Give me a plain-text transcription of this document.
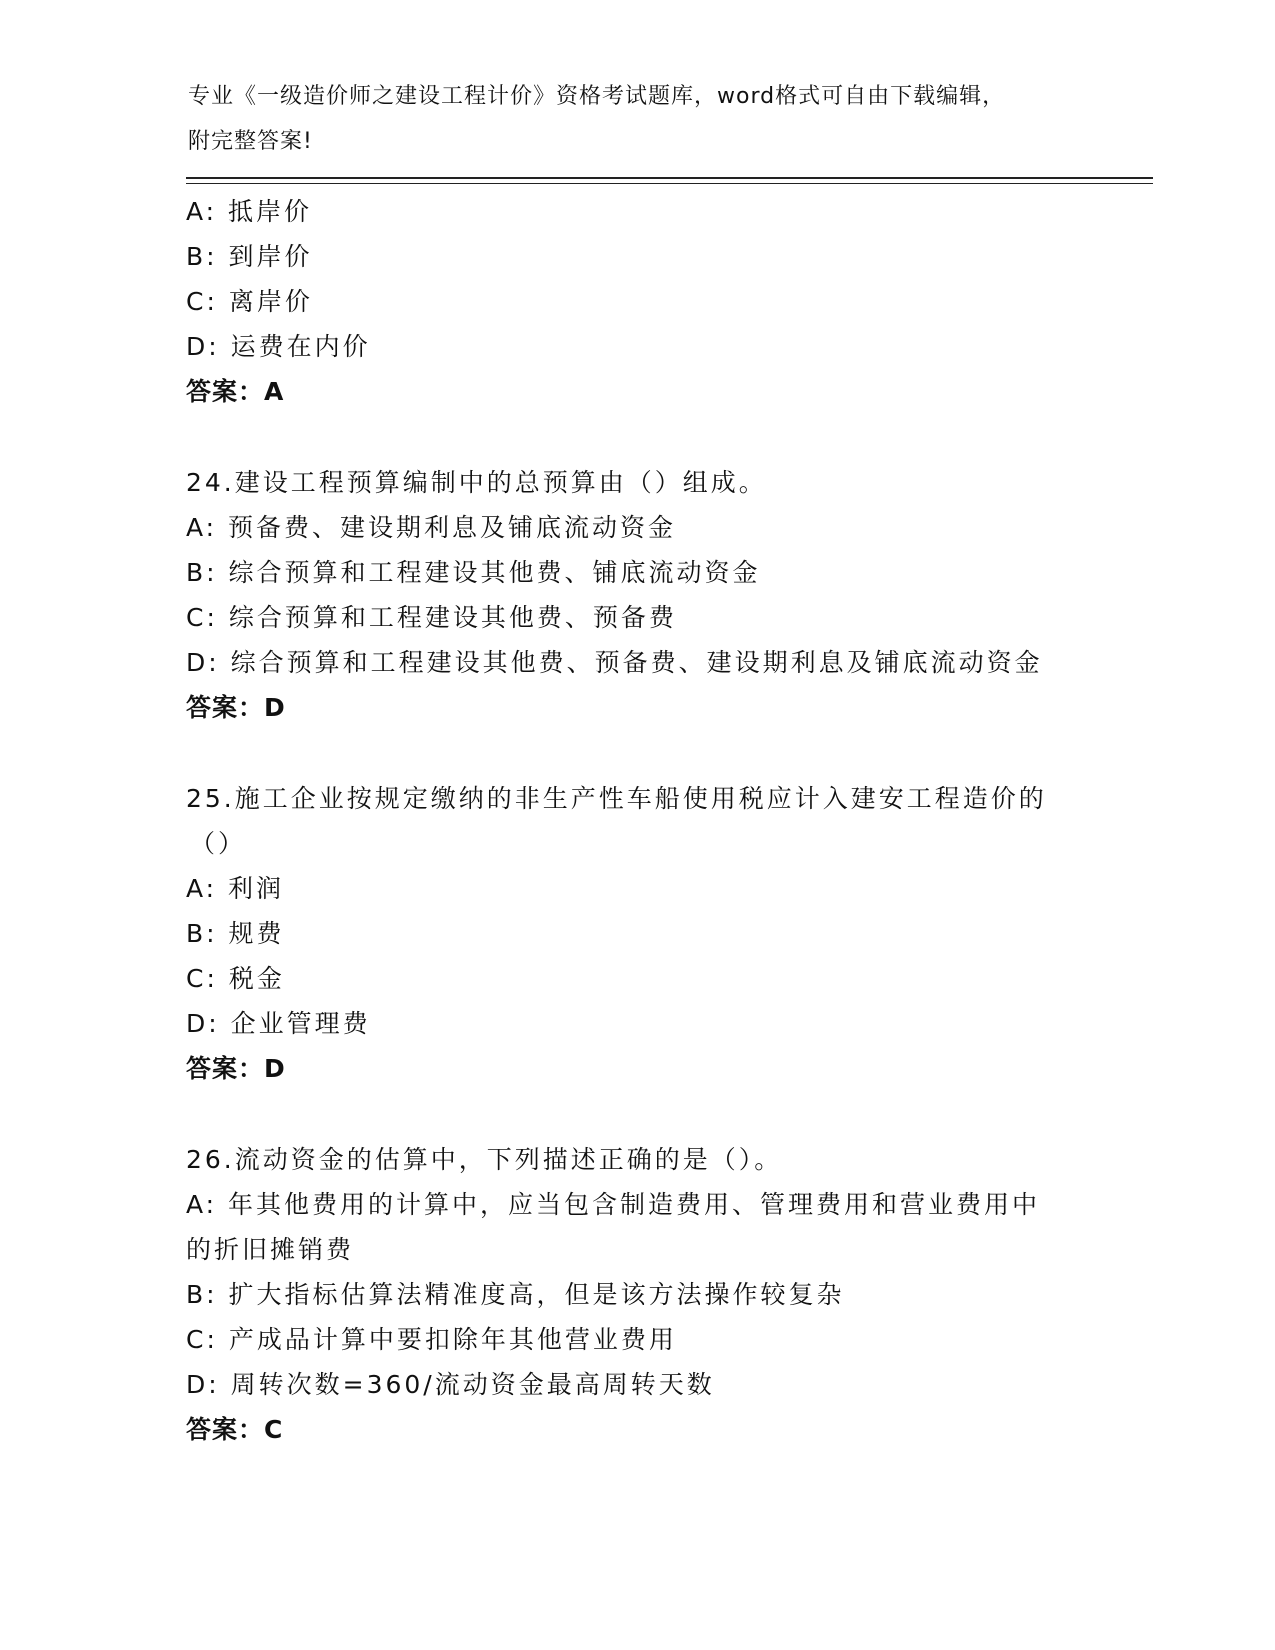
专业《一级造价师之建设工程计价》资格考试题库，word格式可自由下载编辑，
附完整答案!
A: 抵岸价
B: 到岸价
C: 离岸价
D: 运费在内价
答案：A
24.建设工程预算编制中的总预算由（）组成。
A: 预备费、建设期利息及铺底流动资金
B: 综合预算和工程建设其他费、铺底流动资金
C: 综合预算和工程建设其他费、预备费
D: 综合预算和工程建设其他费、预备费、建设期利息及铺底流动资金
答案：D
25.施工企业按规定缴纳的非生产性车船使用税应计入建安工程造价的
（）
A: 利润
B: 规费
C: 税金
D: 企业管理费
答案：D
26.流动资金的估算中，下列描述正确的是（）。
A: 年其他费用的计算中，应当包含制造费用、管理费用和营业费用中
的折旧摊销费
B: 扩大指标估算法精准度高，但是该方法操作较复杂
C: 产成品计算中要扣除年其他营业费用
D: 周转次数=360/流动资金最高周转天数
答案：C
